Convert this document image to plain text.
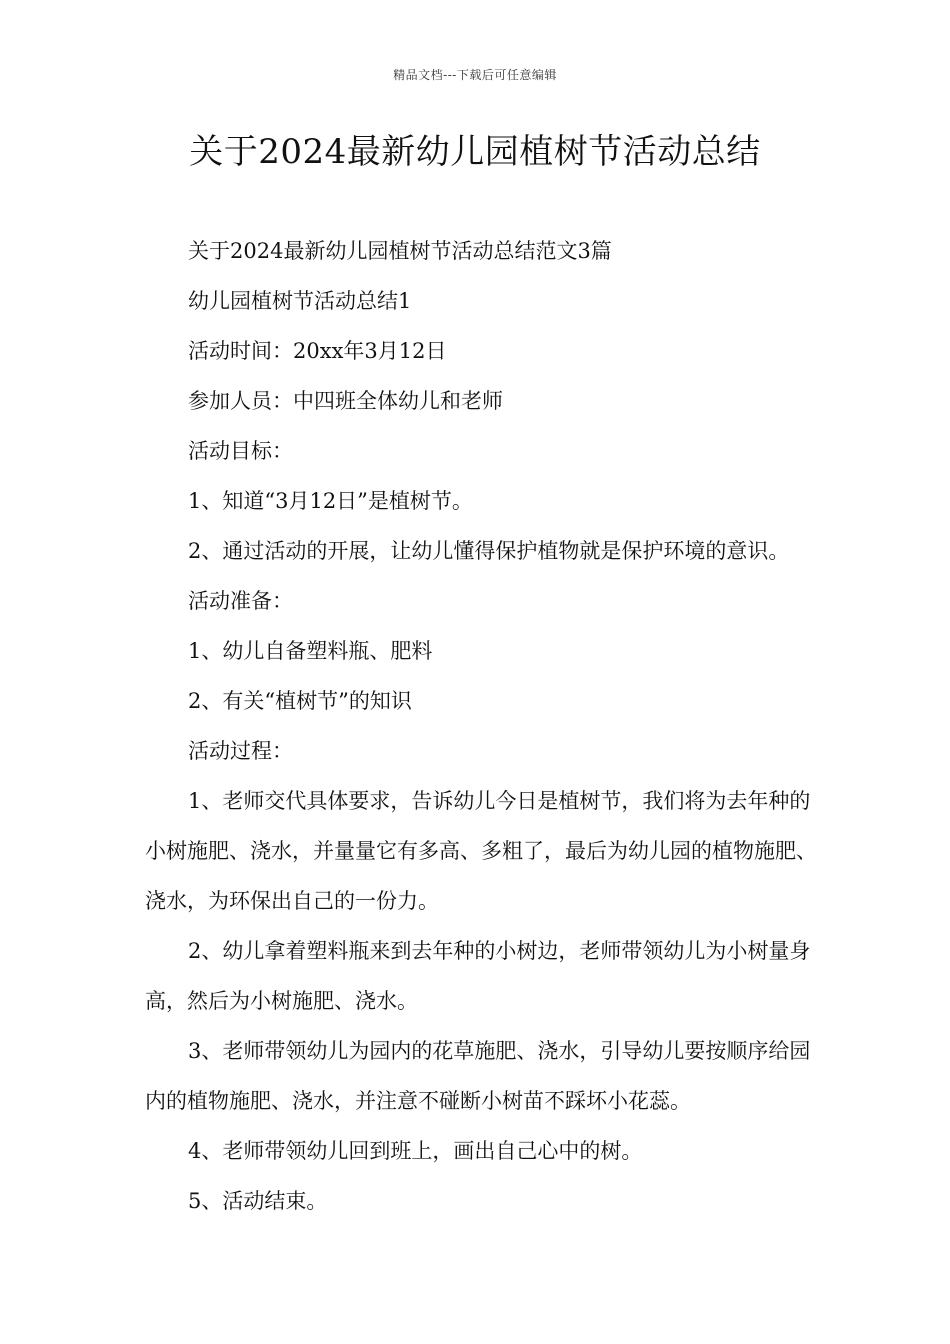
精品文档---下载后可任意编辑
关于2024最新幼儿园植树节活动总结

关于2024最新幼儿园植树节活动总结范文3篇

幼儿园植树节活动总结1

活动时间：20xx年3月12日

参加人员：中四班全体幼儿和老师

活动目标：

1、知道“3月12日”是植树节。

2、通过活动的开展，让幼儿懂得保护植物就是保护环境的意识。

活动准备：

1、幼儿自备塑料瓶、肥料

2、有关“植树节”的知识

活动过程：

1、老师交代具体要求，告诉幼儿今日是植树节，我们将为去年种的小树施肥、浇水，并量量它有多高、多粗了，最后为幼儿园的植物施肥、浇水，为环保出自己的一份力。

2、幼儿拿着塑料瓶来到去年种的小树边，老师带领幼儿为小树量身高，然后为小树施肥、浇水。

3、老师带领幼儿为园内的花草施肥、浇水，引导幼儿要按顺序给园内的植物施肥、浇水，并注意不碰断小树苗不踩坏小花蕊。

4、老师带领幼儿回到班上，画出自己心中的树。

5、活动结束。
